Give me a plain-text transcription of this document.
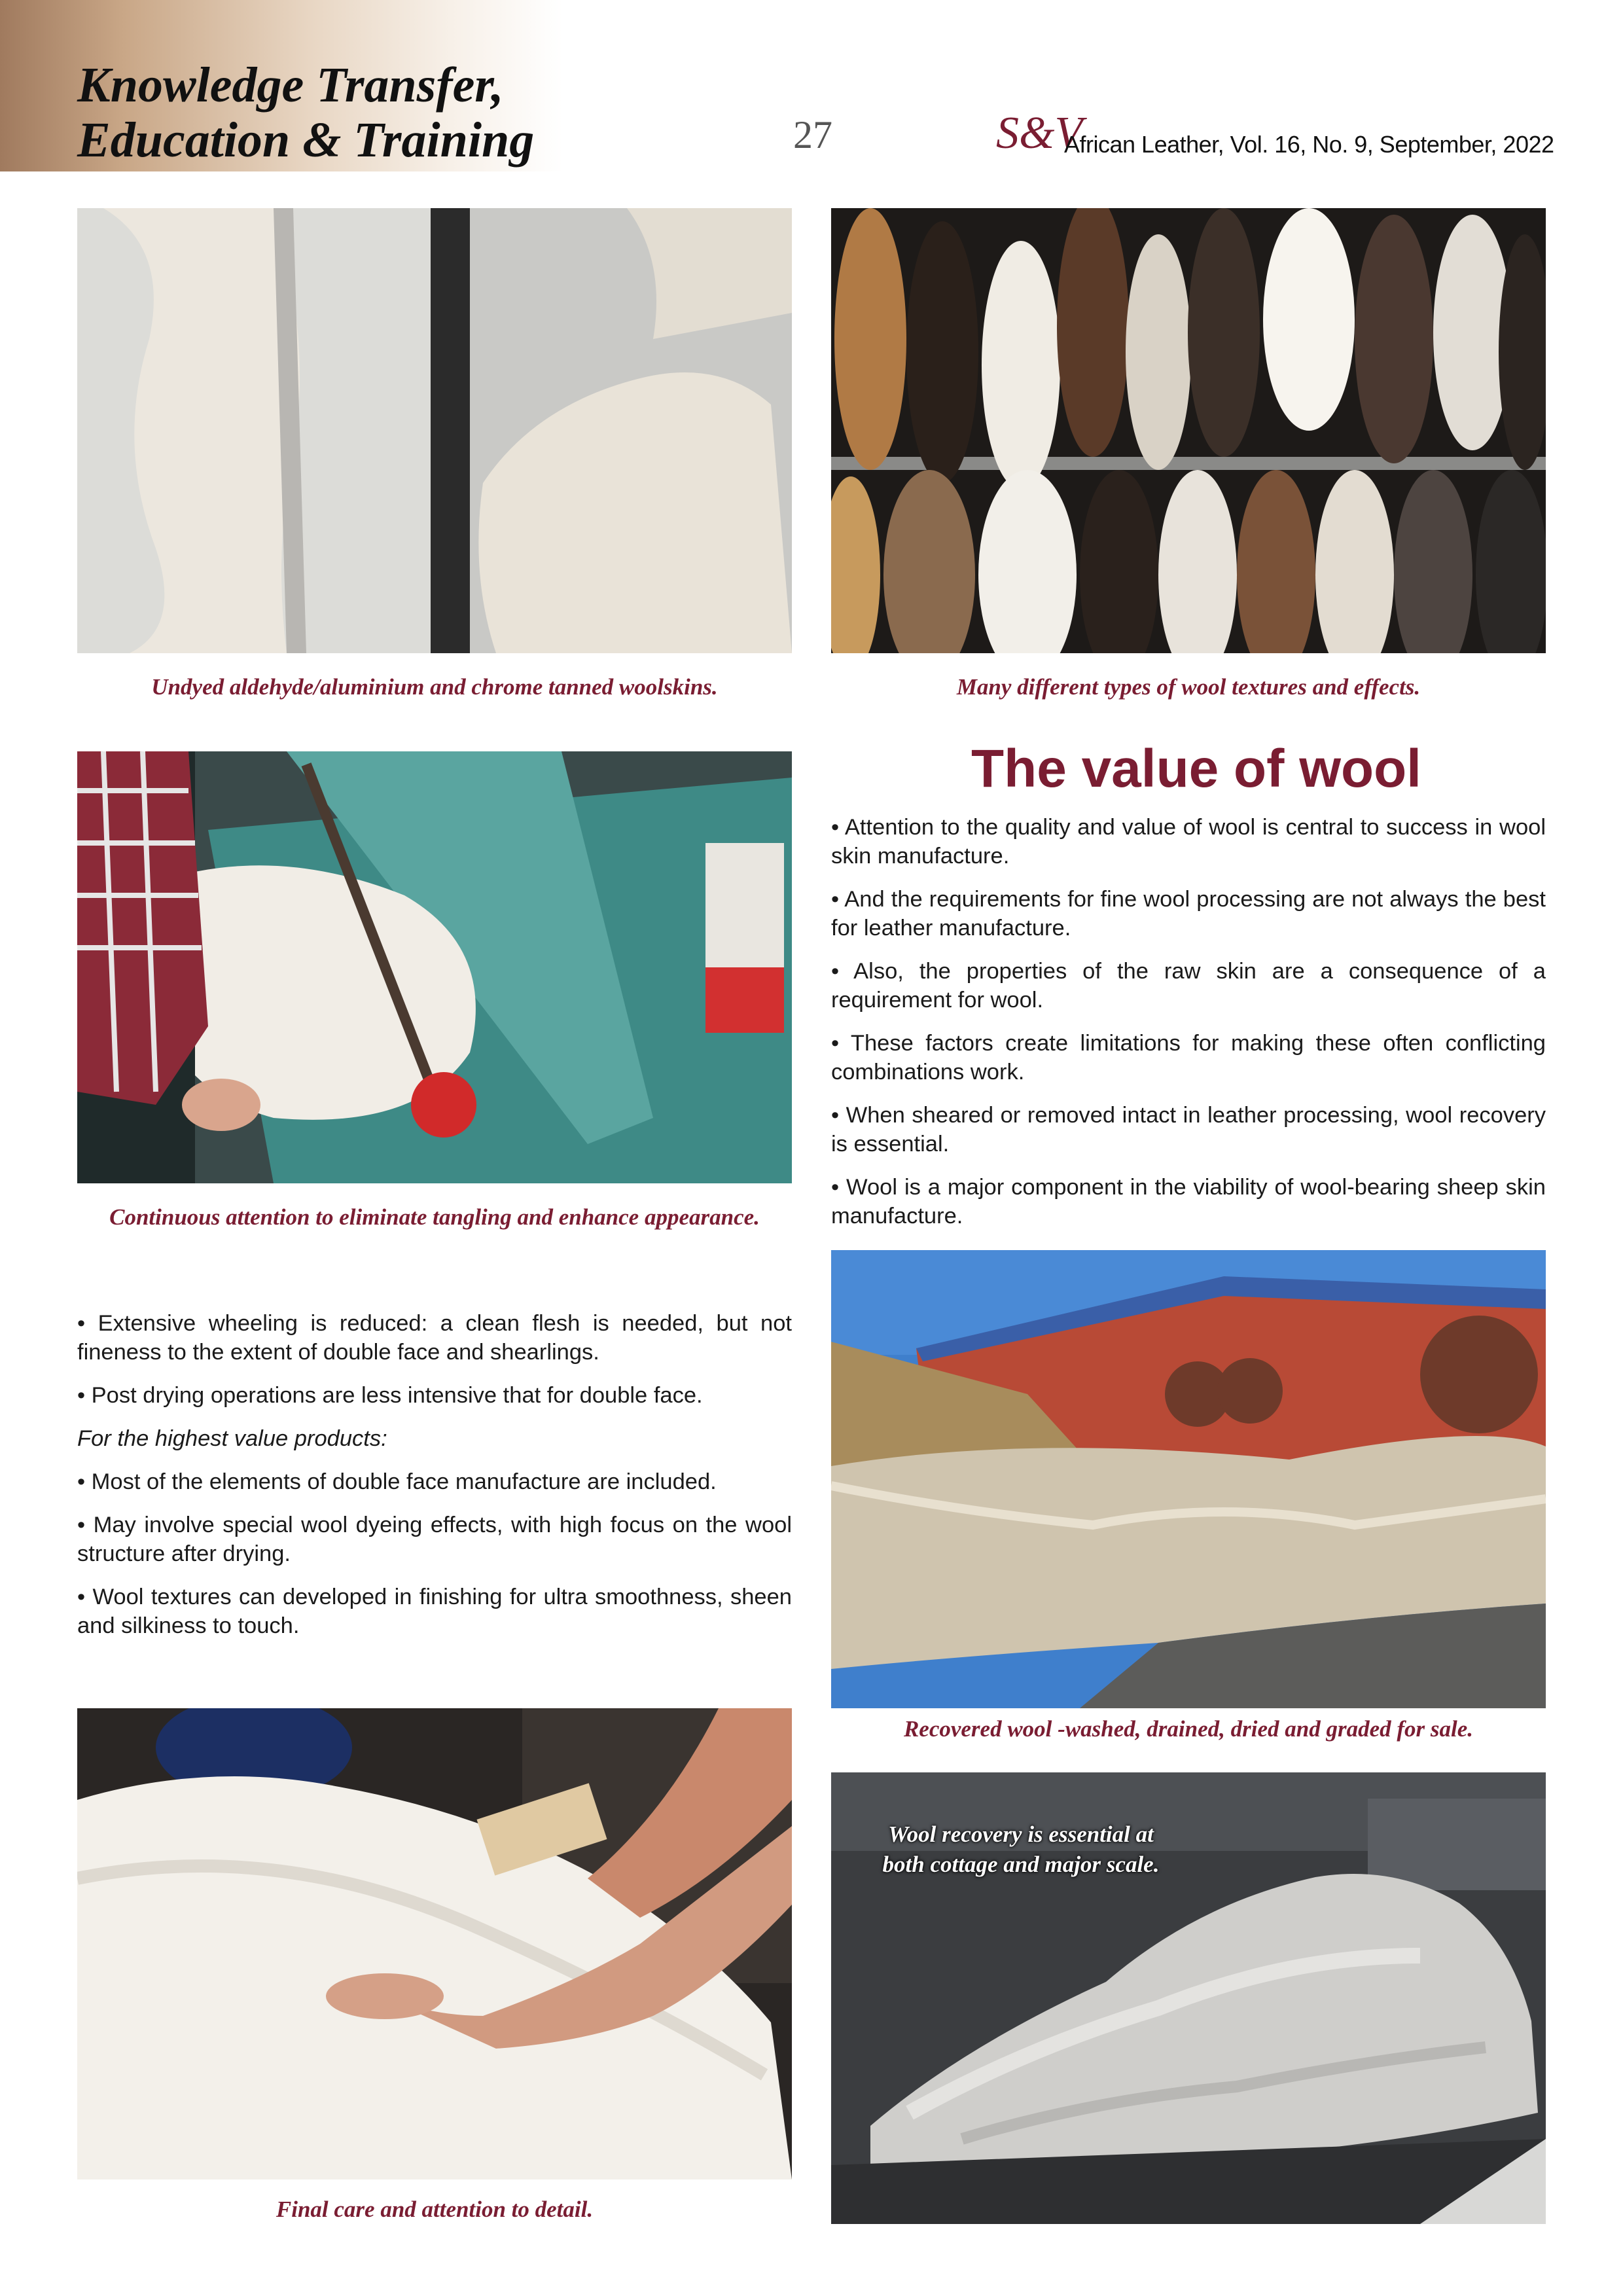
Knowledge Transfer,
Education & Training	27	S&V
African Leather, Vol. 16, No. 9, September, 2022
Undyed aldehyde/aluminium and chrome tanned woolskins.	Many different types of wool textures and effects.
Continuous attention to eliminate tangling and enhance appearance.
The value of wool

• Attention to the quality and value of wool is central to success in wool skin manufacture.

• And the requirements for fine wool processing are not always the best for leather manufacture.

• Also, the properties of the raw skin are a consequence of a requirement for wool.

• These factors create limitations for making these often conflicting combinations work.

• When sheared or removed intact in leather processing, wool recovery is essential.

• Wool is a major component in the viability of wool-bearing sheep skin manufacture.

• Extensive wheeling is reduced: a clean flesh is needed, but not fineness to the extent of double face and shearlings.

• Post drying operations are less intensive that for double face.

For the highest value products:

• Most of the elements of double face manufacture are included.

• May involve special wool dyeing effects, with high focus on the wool structure after drying.

• Wool textures can developed in finishing for ultra smoothness, sheen and silkiness to touch.

Recovered wool -washed, drained, dried and graded for sale.
Final care and attention to detail.
Wool recovery is essential at
both cottage and major scale.
